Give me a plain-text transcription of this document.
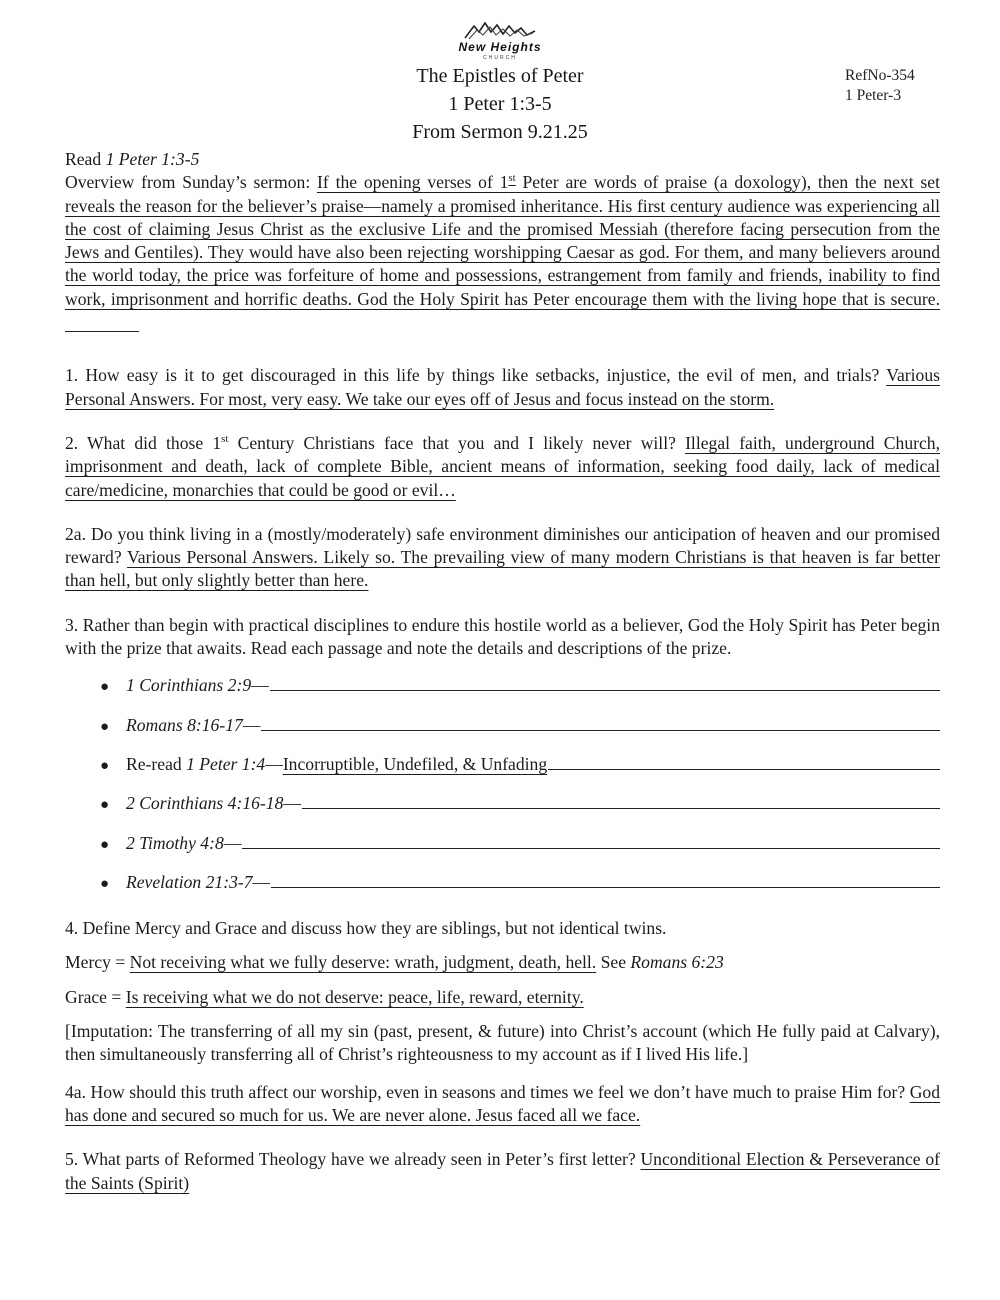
New Heights
CHURCH
The Epistles of Peter
1 Peter 1:3-5
From Sermon 9.21.25
RefNo-354
1 Peter-3
Read 1 Peter 1:3-5
Overview from Sunday’s sermon: If the opening verses of 1st Peter are words of praise (a doxology), then the next set reveals the reason for the believer’s praise—namely a promised inheritance. His first century audience was experiencing all the cost of claiming Jesus Christ as the exclusive Life and the promised Messiah (therefore facing persecution from the Jews and Gentiles). They would have also been rejecting worshipping Caesar as god. For them, and many believers around the world today, the price was forfeiture of home and possessions, estrangement from family and friends, inability to find work, imprisonment and horrific deaths. God the Holy Spirit has Peter encourage them with the living hope that is secure.
1. How easy is it to get discouraged in this life by things like setbacks, injustice, the evil of men, and trials? Various Personal Answers. For most, very easy. We take our eyes off of Jesus and focus instead on the storm.
2. What did those 1st Century Christians face that you and I likely never will? Illegal faith, underground Church, imprisonment and death, lack of complete Bible, ancient means of information, seeking food daily, lack of medical care/medicine, monarchies that could be good or evil…
2a. Do you think living in a (mostly/moderately) safe environment diminishes our anticipation of heaven and our promised reward? Various Personal Answers. Likely so. The prevailing view of many modern Christians is that heaven is far better than hell, but only slightly better than here.
3. Rather than begin with practical disciplines to endure this hostile world as a believer, God the Holy Spirit has Peter begin with the prize that awaits. Read each passage and note the details and descriptions of the prize.
● 1 Corinthians 2:9—
● Romans 8:16-17—
● Re-read 1 Peter 1:4—Incorruptible, Undefiled, & Unfading
● 2 Corinthians 4:16-18—
● 2 Timothy 4:8—
● Revelation 21:3-7—
4. Define Mercy and Grace and discuss how they are siblings, but not identical twins.
Mercy = Not receiving what we fully deserve: wrath, judgment, death, hell. See Romans 6:23
Grace = Is receiving what we do not deserve: peace, life, reward, eternity.
[Imputation: The transferring of all my sin (past, present, & future) into Christ’s account (which He fully paid at Calvary), then simultaneously transferring all of Christ’s righteousness to my account as if I lived His life.]
4a. How should this truth affect our worship, even in seasons and times we feel we don’t have much to praise Him for? God has done and secured so much for us. We are never alone. Jesus faced all we face.
5. What parts of Reformed Theology have we already seen in Peter’s first letter? Unconditional Election & Perseverance of the Saints (Spirit)
